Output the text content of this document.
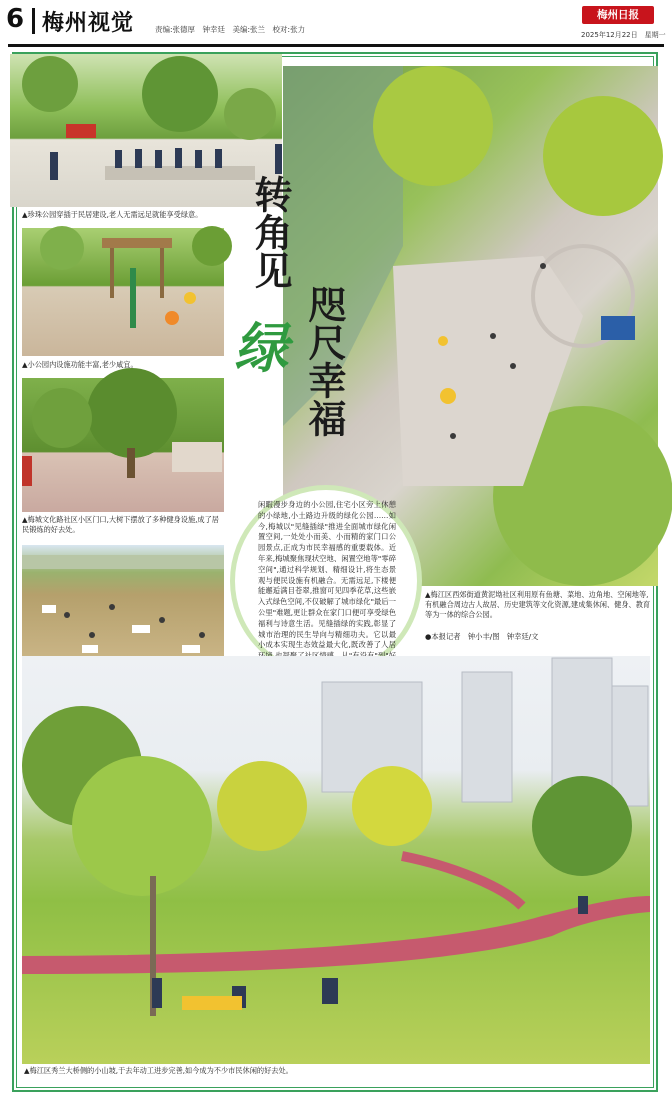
6 梅州视觉	责编:张德厚　钟幸廷　美编:张兰　校对:张力
梅州日报
2025年12月22日　星期一
▲珍珠公园穿插于民居建设,老人无需远足就能享受绿意。
▲小公园内设施功能丰富,老少咸宜。
▲梅城文化路社区小区门口,大树下摆放了多种健身设施,成了居民锻炼的好去处。
转角见
绿 咫尺幸福
闲暇漫步身边的小公园,住宅小区旁上休憩的小绿地,小土路边升级的绿化公园……如今,梅城以"见缝插绿"推进全面城市绿化闲置空间,一处处小而美、小而精的家门口公园景点,正成为市民幸福感的重要载体。近年来,梅城聚焦现状空地、闲置空地等"零碎空间",通过科学规划、精细设计,将生态景观与便民设施有机融合。无需远足,下楼便能邂逅满目苍翠,推窗可见四季花草,这些嵌入式绿色空间,不仅破解了城市绿化"最后一公里"难题,更让群众在家门口便可享受绿色福利与诗意生活。见缝插绿的实践,彰显了城市治理的民生导向与精细功夫。它以最小成本实现生态效益最大化,既改善了人居
▲梅江区西郊街道黄泥坳社区利用原有鱼塘、菜地、边角地、空闲地等,有机融合周边古人故居、历史建筑等文化资源,建成集休闲、健身、教育等为一体的综合公园。
●本报记者　钟小丰/图　钟幸廷/文
▲梅江区秀兰大桥侧的小山坡,于去年动工进步完善,如今成为不少市民休闲的好去处。
